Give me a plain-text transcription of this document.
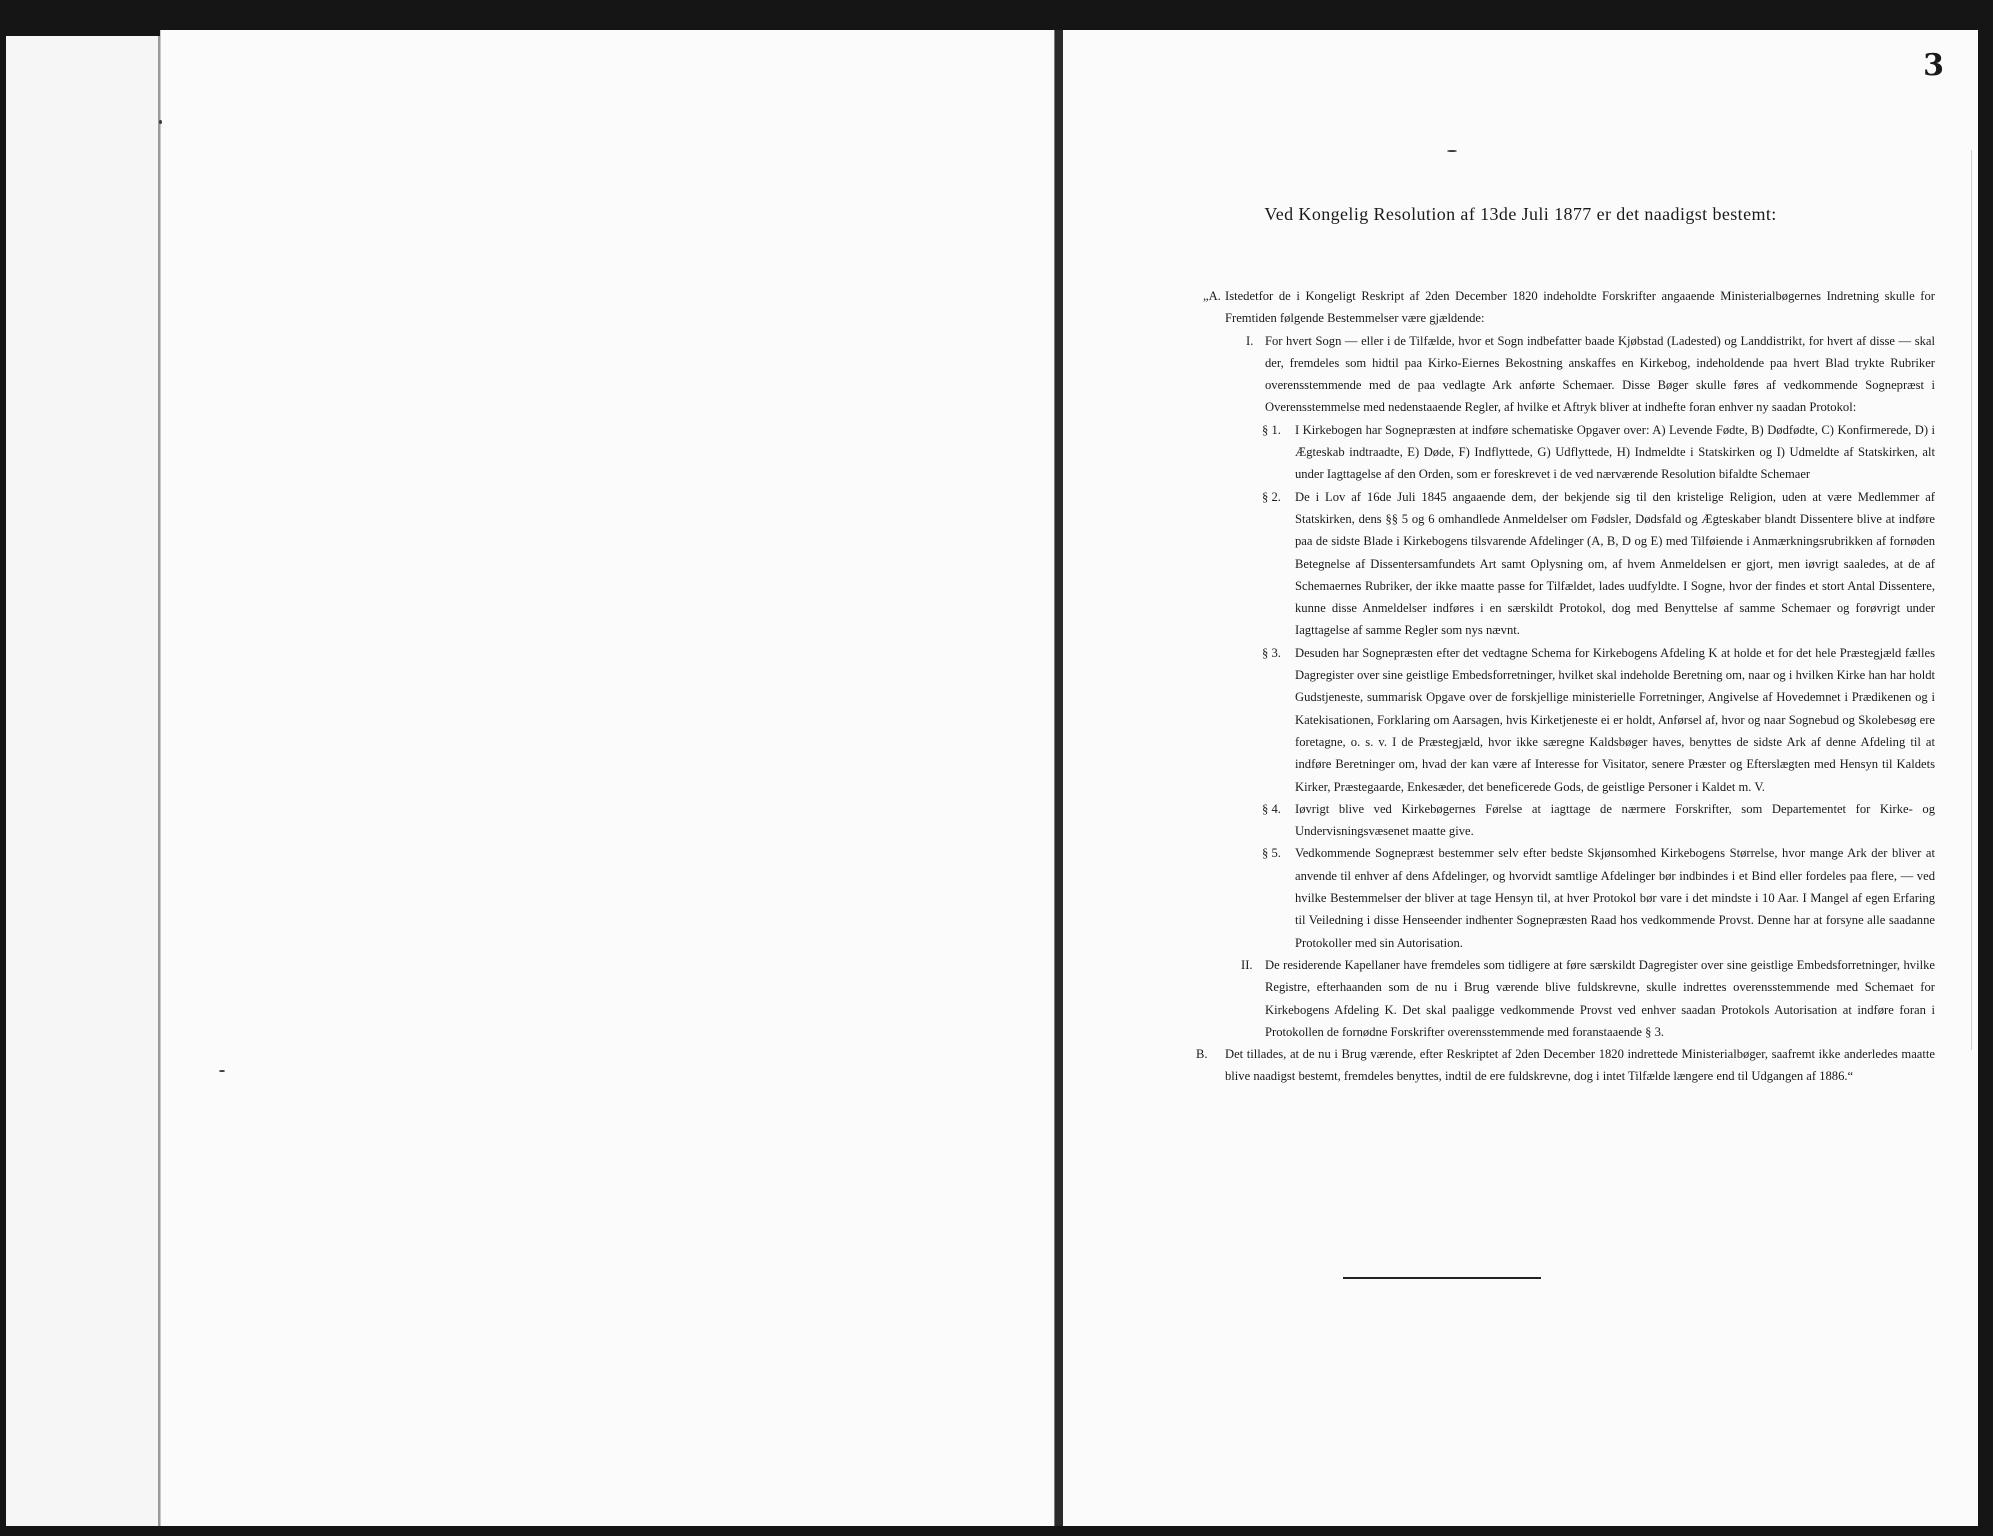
3
Ved Kongelig Resolution af 13de Juli 1877 er det naadigst bestemt:

„A. Istedetfor de i Kongeligt Reskript af 2den December 1820 indeholdte Forskrifter angaaende Ministerialbøgernes Indretning skulle for Fremtiden følgende Bestemmelser være gjældende:

I. For hvert Sogn — eller i de Tilfælde, hvor et Sogn indbefatter baade Kjøbstad (Ladested) og Landdistrikt, for hvert af disse — skal der, fremdeles som hidtil paa Kirko-Eiernes Bekostning anskaffes en Kirkebog, indeholdende paa hvert Blad trykte Rubriker overensstemmende med de paa vedlagte Ark anførte Schemaer. Disse Bøger skulle føres af vedkommende Sognepræst i Overensstemmelse med nedenstaaende Regler, af hvilke et Aftryk bliver at indhefte foran enhver ny saadan Protokol:

§ 1. I Kirkebogen har Sognepræsten at indføre schematiske Opgaver over: A) Levende Fødte, B) Dødfødte, C) Konfirmerede, D) i Ægteskab indtraadte, E) Døde, F) Indflyttede, G) Udflyttede, H) Indmeldte i Statskirken og I) Udmeldte af Statskirken, alt under Iagttagelse af den Orden, som er foreskrevet i de ved nærværende Resolution bifaldte Schemaer

§ 2. De i Lov af 16de Juli 1845 angaaende dem, der bekjende sig til den kristelige Religion, uden at være Medlemmer af Statskirken, dens §§ 5 og 6 omhandlede Anmeldelser om Fødsler, Dødsfald og Ægteskaber blandt Dissentere blive at indføre paa de sidste Blade i Kirkebogens tilsvarende Afdelinger (A, B, D og E) med Tilføiende i Anmærkningsrubrikken af fornøden Betegnelse af Dissentersamfundets Art samt Oplysning om, af hvem Anmeldelsen er gjort, men iøvrigt saaledes, at de af Schemaernes Rubriker, der ikke maatte passe for Tilfældet, lades uudfyldte. I Sogne, hvor der findes et stort Antal Dissentere, kunne disse Anmeldelser indføres i en særskildt Protokol, dog med Benyttelse af samme Schemaer og forøvrigt under Iagttagelse af samme Regler som nys nævnt.

§ 3. Desuden har Sognepræsten efter det vedtagne Schema for Kirkebogens Afdeling K at holde et for det hele Præstegjæld fælles Dagregister over sine geistlige Embedsforretninger, hvilket skal indeholde Beretning om, naar og i hvilken Kirke han har holdt Gudstjeneste, summarisk Opgave over de forskjellige ministerielle Forretninger, Angivelse af Hovedemnet i Prædikenen og i Katekisationen, Forklaring om Aarsagen, hvis Kirketjeneste ei er holdt, Anførsel af, hvor og naar Sognebud og Skolebesøg ere foretagne, o. s. v. I de Præstegjæld, hvor ikke særegne Kaldsbøger haves, benyttes de sidste Ark af denne Afdeling til at indføre Beretninger om, hvad der kan være af Interesse for Visitator, senere Præster og Efterslægten med Hensyn til Kaldets Kirker, Præstegaarde, Enkesæder, det beneficerede Gods, de geistlige Personer i Kaldet m. V.

§ 4. Iøvrigt blive ved Kirkebøgernes Førelse at iagttage de nærmere Forskrifter, som Departementet for Kirke- og Undervisningsvæsenet maatte give.

§ 5. Vedkommende Sognepræst bestemmer selv efter bedste Skjønsomhed Kirkebogens Størrelse, hvor mange Ark der bliver at anvende til enhver af dens Afdelinger, og hvorvidt samtlige Afdelinger bør indbindes i et Bind eller fordeles paa flere, — ved hvilke Bestemmelser der bliver at tage Hensyn til, at hver Protokol bør vare i det mindste i 10 Aar. I Mangel af egen Erfaring til Veiledning i disse Henseender indhenter Sognepræsten Raad hos vedkommende Provst. Denne har at forsyne alle saadanne Protokoller med sin Autorisation.

II. De residerende Kapellaner have fremdeles som tidligere at føre særskildt Dagregister over sine geistlige Embedsforretninger, hvilke Registre, efterhaanden som de nu i Brug værende blive fuldskrevne, skulle indrettes overensstemmende med Schemaet for Kirkebogens Afdeling K. Det skal paaligge vedkommende Provst ved enhver saadan Protokols Autorisation at indføre foran i Protokollen de fornødne Forskrifter overensstemmende med foranstaaende § 3.

B. Det tillades, at de nu i Brug værende, efter Reskriptet af 2den December 1820 indrettede Ministerialbøger, saafremt ikke anderledes maatte blive naadigst bestemt, fremdeles benyttes, indtil de ere fuldskrevne, dog i intet Tilfælde længere end til Udgangen af 1886.“
